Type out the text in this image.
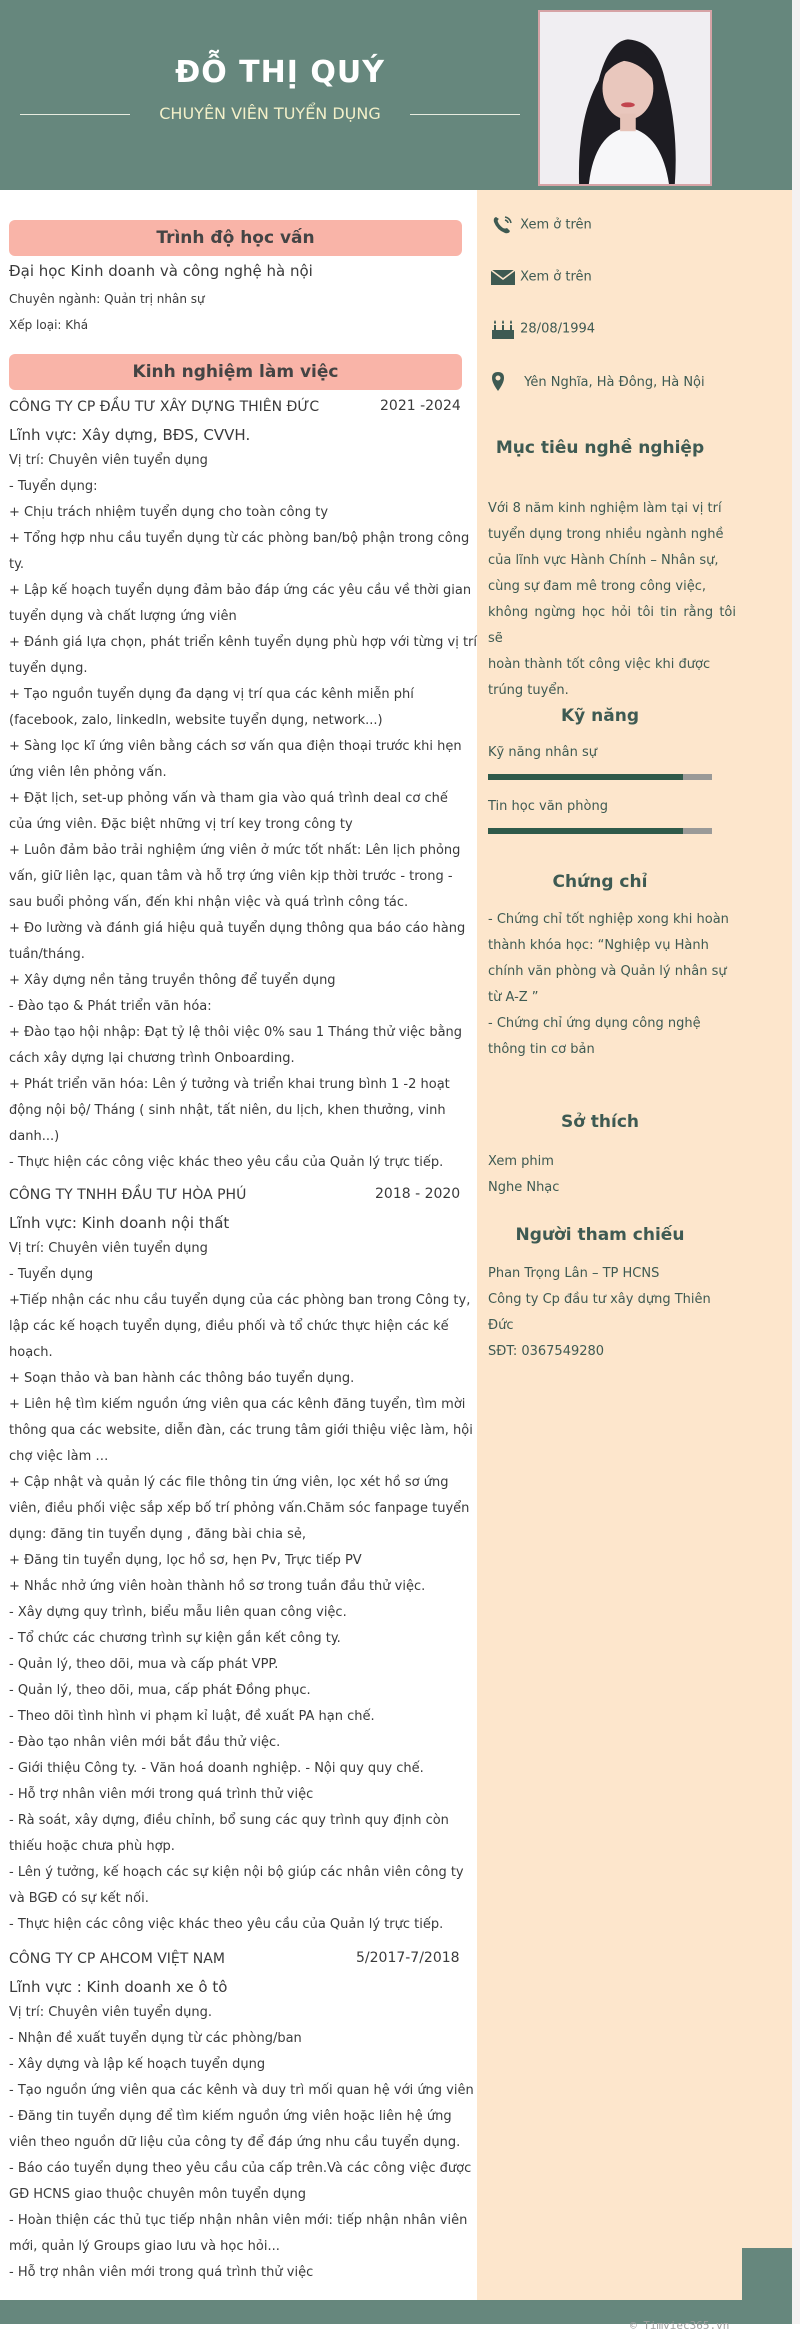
ĐỖ THỊ QUÝ
CHUYÊN VIÊN TUYỂN DỤNG
Xem ở trên
Xem ở trên
28/08/1994
Yên Nghĩa, Hà Đông, Hà Nội
Mục tiêu nghề nghiệp
Với 8 năm kinh nghiệm làm tại vị trí
tuyển dụng trong nhiều ngành nghề
của lĩnh vực Hành Chính – Nhân sự,
cùng sự đam mê trong công việc,
không ngừng học hỏi tôi tin rằng tôi sẽ
hoàn thành tốt công việc khi được
trúng tuyển.
Kỹ năng
Kỹ năng nhân sự
Tin học văn phòng
Chứng chỉ
- Chứng chỉ tốt nghiệp xong khi hoàn
thành khóa học: “Nghiệp vụ Hành
chính văn phòng và Quản lý nhân sự
từ A-Z ”
- Chứng chỉ ứng dụng công nghệ
thông tin cơ bản
Sở thích
Xem phim
Nghe Nhạc
Người tham chiếu
Phan Trọng Lân – TP HCNS
Công ty Cp đầu tư xây dựng Thiên
Đức
SĐT: 0367549280
Trình độ học vấn
Đại học Kinh doanh và công nghệ hà nội
Chuyên ngành: Quản trị nhân sự
Xếp loại: Khá
Kinh nghiệm làm việc
CÔNG TY CP ĐẦU TƯ XÂY DỰNG THIÊN ĐỨC	2021 -2024
Lĩnh vực: Xây dựng, BĐS, CVVH.
Vị trí: Chuyên viên tuyển dụng
- Tuyển dụng:
+ Chịu trách nhiệm tuyển dụng cho toàn công ty
+ Tổng hợp nhu cầu tuyển dụng từ các phòng ban/bộ phận trong công
ty.
+ Lập kế hoạch tuyển dụng đảm bảo đáp ứng các yêu cầu về thời gian
tuyển dụng và chất lượng ứng viên
+ Đánh giá lựa chọn, phát triển kênh tuyển dụng phù hợp với từng vị trí
tuyển dụng.
+ Tạo nguồn tuyển dụng đa dạng vị trí qua các kênh miễn phí
(facebook, zalo, linkedln, website tuyển dụng, network...)
+ Sàng lọc kĩ ứng viên bằng cách sơ vấn qua điện thoại trước khi hẹn
ứng viên lên phỏng vấn.
+ Đặt lịch, set-up phỏng vấn và tham gia vào quá trình deal cơ chế
của ứng viên. Đặc biệt những vị trí key trong công ty
+ Luôn đảm bảo trải nghiệm ứng viên ở mức tốt nhất: Lên lịch phỏng
vấn, giữ liên lạc, quan tâm và hỗ trợ ứng viên kịp thời trước - trong -
sau buổi phỏng vấn, đến khi nhận việc và quá trình công tác.
+ Đo lường và đánh giá hiệu quả tuyển dụng thông qua báo cáo hàng
tuần/tháng.
+ Xây dựng nền tảng truyền thông để tuyển dụng
- Đào tạo & Phát triển văn hóa:
+ Đào tạo hội nhập: Đạt tỷ lệ thôi việc 0% sau 1 Tháng thử việc bằng
cách xây dựng lại chương trình Onboarding.
+ Phát triển văn hóa: Lên ý tưởng và triển khai trung bình 1 -2 hoạt
động nội bộ/ Tháng ( sinh nhật, tất niên, du lịch, khen thưởng, vinh
danh...)
- Thực hiện các công việc khác theo yêu cầu của Quản lý trực tiếp.
CÔNG TY TNHH ĐẦU TƯ HÒA PHÚ	2018 - 2020
Lĩnh vực: Kinh doanh nội thất
Vị trí: Chuyên viên tuyển dụng
- Tuyển dụng
+Tiếp nhận các nhu cầu tuyển dụng của các phòng ban trong Công ty,
lập các kế hoạch tuyển dụng, điều phối và tổ chức thực hiện các kế
hoạch.
+ Soạn thảo và ban hành các thông báo tuyển dụng.
+ Liên hệ tìm kiếm nguồn ứng viên qua các kênh đăng tuyển, tìm mời
thông qua các website, diễn đàn, các trung tâm giới thiệu việc làm, hội
chợ việc làm …
+ Cập nhật và quản lý các file thông tin ứng viên, lọc xét hồ sơ ứng
viên, điều phối việc sắp xếp bố trí phỏng vấn.Chăm sóc fanpage tuyển
dụng: đăng tin tuyển dụng , đăng bài chia sẻ,
+ Đăng tin tuyển dụng, lọc hồ sơ, hẹn Pv, Trực tiếp PV
+ Nhắc nhở ứng viên hoàn thành hồ sơ trong tuần đầu thử việc.
- Xây dựng quy trình, biểu mẫu liên quan công việc.
- Tổ chức các chương trình sự kiện gắn kết công ty.
- Quản lý, theo dõi, mua và cấp phát VPP.
- Quản lý, theo dõi, mua, cấp phát Đồng phục.
- Theo dõi tình hình vi phạm kỉ luật, đề xuất PA hạn chế.
- Đào tạo nhân viên mới bắt đầu thử việc.
- Giới thiệu Công ty. - Văn hoá doanh nghiệp. - Nội quy quy chế.
- Hỗ trợ nhân viên mới trong quá trình thử việc
- Rà soát, xây dựng, điều chỉnh, bổ sung các quy trình quy định còn
thiếu hoặc chưa phù hợp.
- Lên ý tưởng, kế hoạch các sự kiện nội bộ giúp các nhân viên công ty
và BGĐ có sự kết nối.
- Thực hiện các công việc khác theo yêu cầu của Quản lý trực tiếp.
CÔNG TY CP AHCOM VIỆT NAM	5/2017-7/2018
Lĩnh vực : Kinh doanh xe ô tô
Vị trí: Chuyên viên tuyển dụng.
- Nhận đề xuất tuyển dụng từ các phòng/ban
- Xây dựng và lập kế hoạch tuyển dụng
- Tạo nguồn ứng viên qua các kênh và duy trì mối quan hệ với ứng viên
- Đăng tin tuyển dụng để tìm kiếm nguồn ứng viên hoặc liên hệ ứng
viên theo nguồn dữ liệu của công ty để đáp ứng nhu cầu tuyển dụng.
- Báo cáo tuyển dụng theo yêu cầu của cấp trên.Và các công việc được
GĐ HCNS giao thuộc chuyên môn tuyển dụng
- Hoàn thiện các thủ tục tiếp nhận nhân viên mới: tiếp nhận nhân viên
mới, quản lý Groups giao lưu và học hỏi...
- Hỗ trợ nhân viên mới trong quá trình thử việc
© Timviec365.vn
